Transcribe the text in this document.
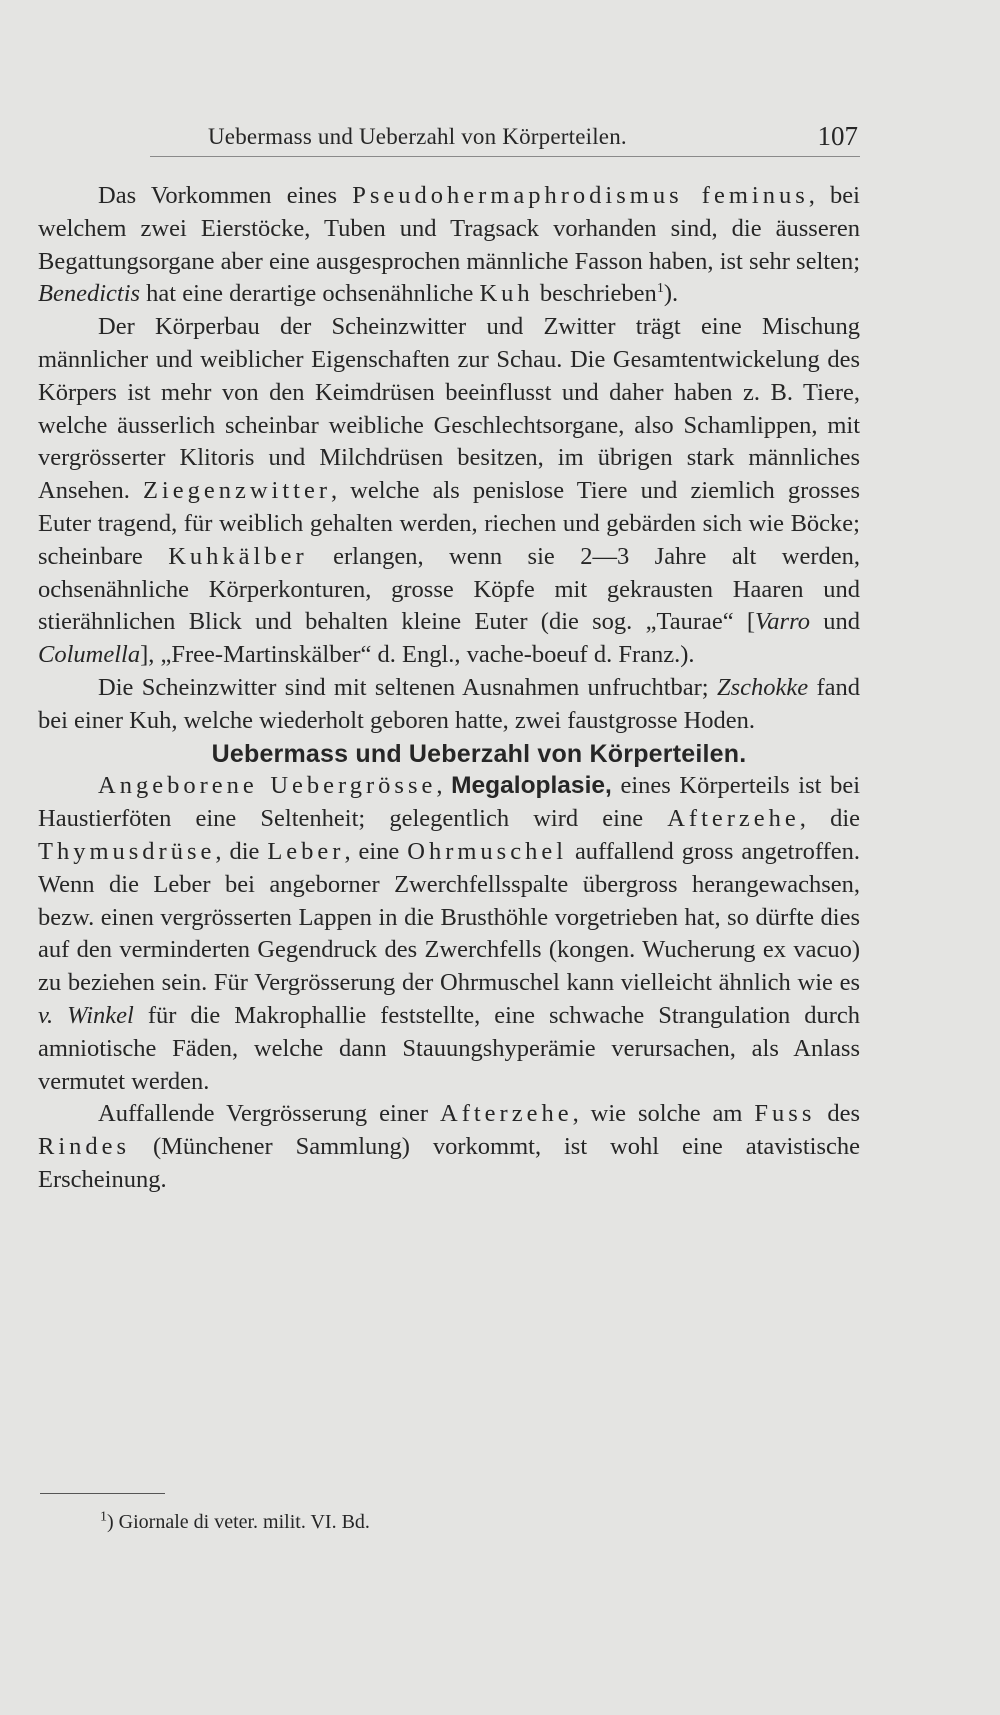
Uebermass und Ueberzahl von Körperteilen.	107

Das Vorkommen eines Pseudohermaphrodismus feminus, bei welchem zwei Eierstöcke, Tuben und Tragsack vorhanden sind, die äusseren Begattungsorgane aber eine ausgesprochen männliche Fasson haben, ist sehr selten; Benedictis hat eine derartige ochsenähnliche Kuh beschrieben$^1$).

Der Körperbau der Scheinzwitter und Zwitter trägt eine Mischung männlicher und weiblicher Eigenschaften zur Schau. Die Gesamtentwickelung des Körpers ist mehr von den Keimdrüsen beeinflusst und daher haben z. B. Tiere, welche äusserlich scheinbar weibliche Geschlechtsorgane, also Schamlippen, mit vergrösserter Klitoris und Milchdrüsen besitzen, im übrigen stark männliches Ansehen. Ziegenzwitter, welche als penislose Tiere und ziemlich grosses Euter tragend, für weiblich gehalten werden, riechen und gebärden sich wie Böcke; scheinbare Kuhkälber erlangen, wenn sie 2—3 Jahre alt werden, ochsenähnliche Körperkonturen, grosse Köpfe mit gekrausten Haaren und stierähnlichen Blick und behalten kleine Euter (die sog. „Taurae“ [Varro und Columella], „Free-Martinskälber“ d. Engl., vache-boeuf d. Franz.).

Die Scheinzwitter sind mit seltenen Ausnahmen unfruchtbar; Zschokke fand bei einer Kuh, welche wiederholt geboren hatte, zwei faustgrosse Hoden.

Uebermass und Ueberzahl von Körperteilen.

Angeborene Uebergrösse, Megaloplasie, eines Körperteils ist bei Haustierföten eine Seltenheit; gelegentlich wird eine Afterzehe, die Thymusdrüse, die Leber, eine Ohrmuschel auffallend gross angetroffen. Wenn die Leber bei angeborner Zwerchfellsspalte übergross herangewachsen, bezw. einen vergrösserten Lappen in die Brusthöhle vorgetrieben hat, so dürfte dies auf den verminderten Gegendruck des Zwerchfells (kongen. Wucherung ex vacuo) zu beziehen sein. Für Vergrösserung der Ohrmuschel kann vielleicht ähnlich wie es v. Winkel für die Makrophallie feststellte, eine schwache Strangulation durch amniotische Fäden, welche dann Stauungshyperämie verursachen, als Anlass vermutet werden.

Auffallende Vergrösserung einer Afterzehe, wie solche am Fuss des Rindes (Münchener Sammlung) vorkommt, ist wohl eine atavistische Erscheinung.

$^1$) Giornale di veter. milit. VI. Bd.
